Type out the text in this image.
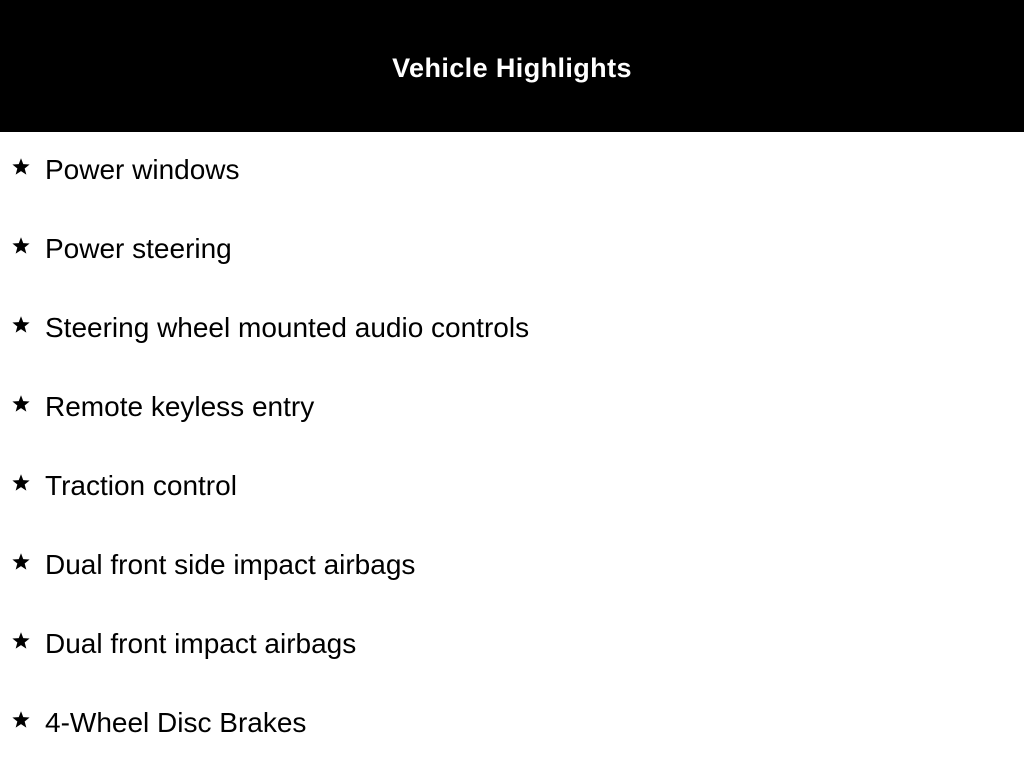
Vehicle Highlights
Power windows
Power steering
Steering wheel mounted audio controls
Remote keyless entry
Traction control
Dual front side impact airbags
Dual front impact airbags
4-Wheel Disc Brakes
